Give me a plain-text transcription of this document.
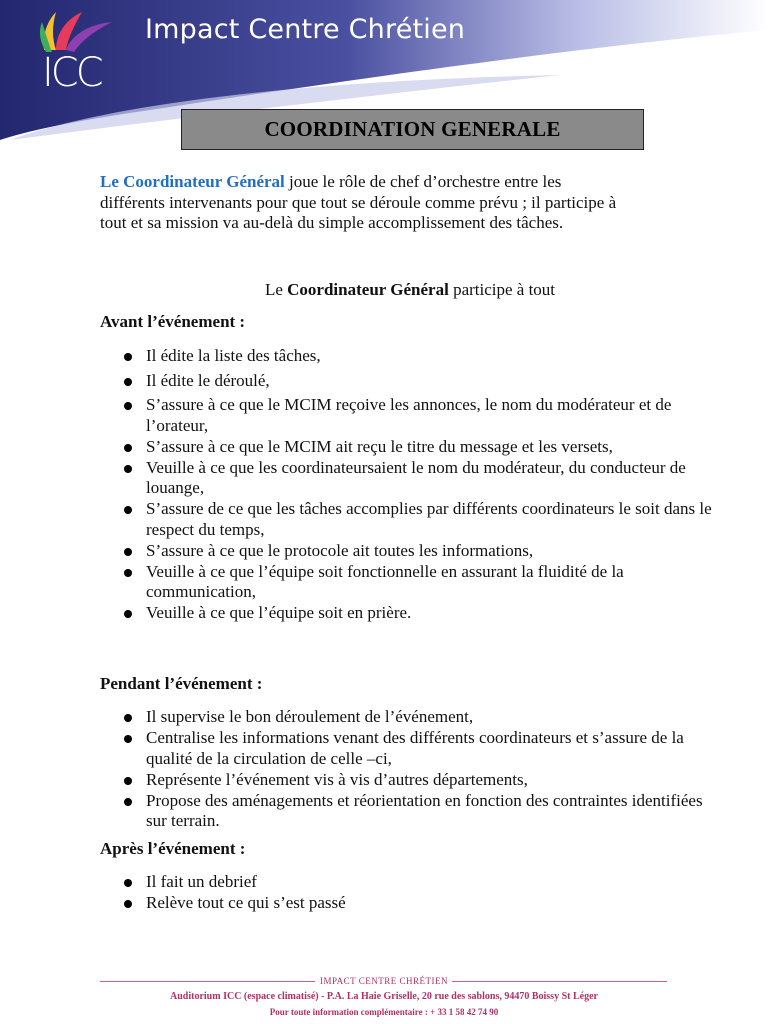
ICC
Impact Centre Chrétien
COORDINATION GENERALE
Le Coordinateur Général joue le rôle de chef d’orchestre entre les
différents intervenants pour que tout se déroule comme prévu ; il participe à
tout et sa mission va au-delà du simple accomplissement des tâches.
Le Coordinateur Général participe à tout
Avant l’événement :
Il édite la liste des tâches,
Il édite le déroulé,
S’assure à ce que le MCIM reçoive les annonces, le nom du modérateur et de l’orateur,
S’assure à ce que le MCIM ait reçu le titre du message et les versets,
Veuille à ce que les coordinateursaient le nom du modérateur, du conducteur de louange,
S’assure de ce que les tâches accomplies par différents coordinateurs le soit dans le respect du temps,
S’assure à ce que le protocole ait toutes les informations,
Veuille à ce que l’équipe soit fonctionnelle en assurant la fluidité de la communication,
Veuille à ce que l’équipe soit en prière.
Pendant l’événement :
Il supervise le bon déroulement de l’événement,
Centralise les informations venant des différents coordinateurs et s’assure de la qualité de la circulation de celle –ci,
Représente l’événement vis à vis d’autres départements,
Propose des aménagements et réorientation en fonction des contraintes identifiées sur terrain.
Après l’événement :
Il fait un debrief
Relève tout ce qui s’est passé
IMPACT CENTRE CHRÉTIEN
Auditorium ICC (espace climatisé) - P.A. La Haie Griselle, 20 rue des sablons, 94470 Boissy St Léger
Pour toute information complémentaire : + 33 1 58 42 74 90
